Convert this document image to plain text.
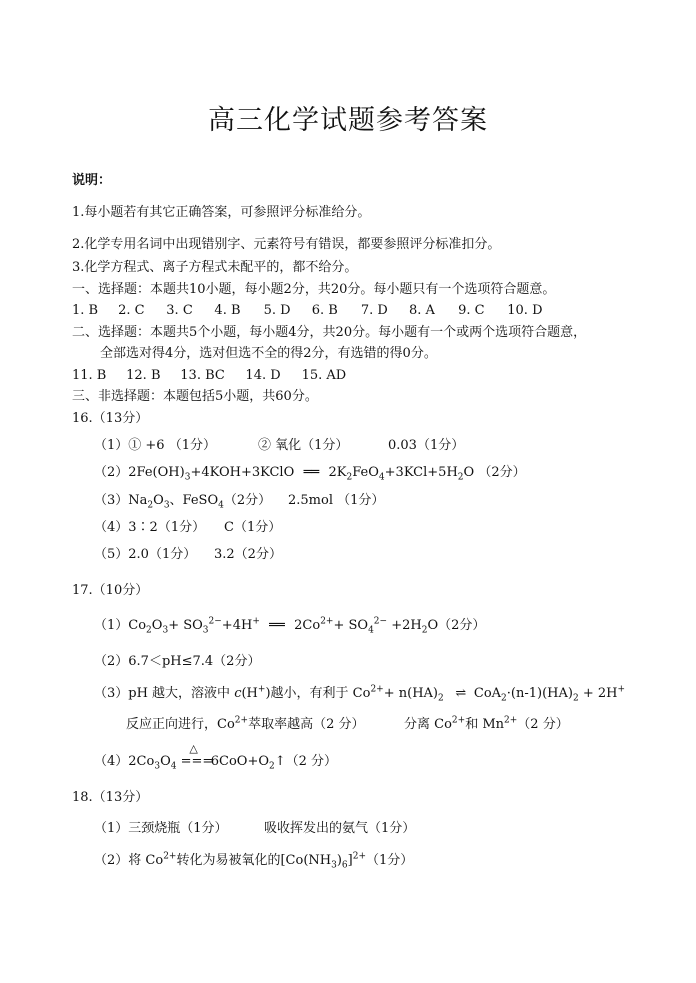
高三化学试题参考答案
说明：
1.每小题若有其它正确答案，可参照评分标准给分。
2.化学专用名词中出现错别字、元素符号有错误，都要参照评分标准扣分。
3.化学方程式、离子方程式未配平的，都不给分。
一、选择题：本题共10小题，每小题2分，共20分。每小题只有一个选项符合题意。
1. B 2. C 3. C 4. B 5. D 6. B 7. D 8. A 9. C 10. D
二、选择题：本题共5个小题，每小题4分，共20分。每小题有一个或两个选项符合题意，
全部选对得4分，选对但选不全的得2分，有选错的得0分。
11. B 12. B 13. BC 14. D 15. AD
三、非选择题：本题包括5小题，共60分。
16.（13分）
（1）① +6 （1分）	② 氧化（1分）	0.03（1分）
$(2)2Fe(OH)_3+4KOH+3KClO$ ══ $2K_2FeO_4+3KCl+5H_2O$ （2分）
$(3)Na_2O_3$、FeSO$_4$（2分） 2.5mol （1分）
（4）3∶2（1分） C（1分）
（5）2.0（1分） 3.2（2分）
17.（10分）
$(1)Co_2O_3+ SO_3^{2-}+4H^+$ ══ $2Co^{2+}+ SO_4^{2-} +2H_2O(2$分）
（2）6.7＜pH≤7.4（2分）
（3）pH 越大，溶液中 c(H+)越小，有利于 $Co^{2+}+ n(HA)_2$ ⇌ $CoA_2\cdot(n-1)(HA)_2 + 2H^+$
反应正向进行，$Co^{2+}$萃取率越高（2 分）	分离 $Co^{2+}$和 $Mn^{2+}(2$ 分）
$(4)2Co_3O_4$
△
=== $6CoO+O_2↑(2$ 分）
18.（13分）
（1）三颈烧瓶（1分）	吸收挥发出的氨气（1分）
（2）将 $Co^{2+}$转化为易被氧化的$[Co(NH_3)_6]^{2+}(1$分）
